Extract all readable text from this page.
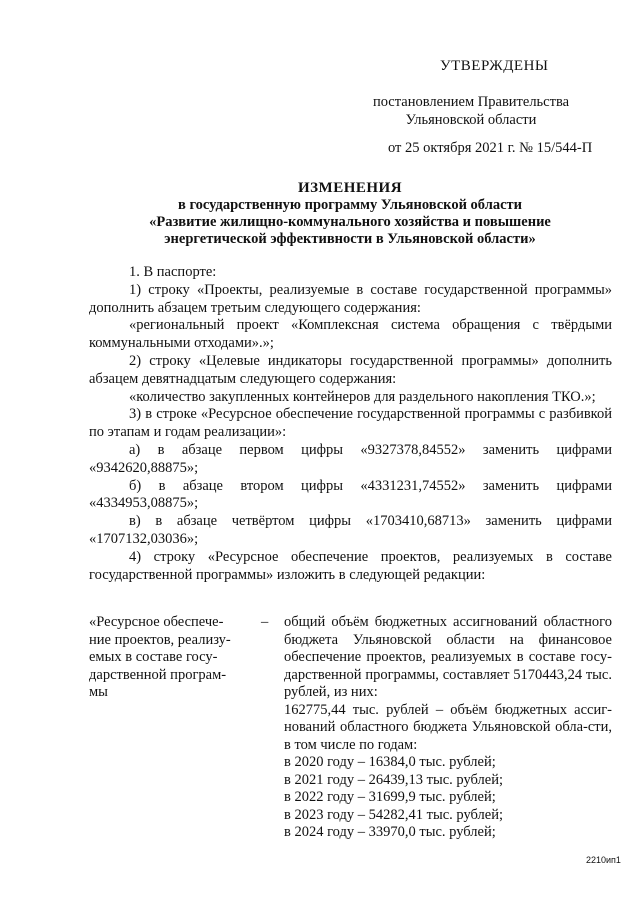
УТВЕРЖДЕНЫ
постановлением Правительства
Ульяновской области
от 25 октября 2021 г. № 15/544-П
ИЗМЕНЕНИЯ
в государственную программу Ульяновской области
«Развитие жилищно-коммунального хозяйства и повышение
энергетической эффективности в Ульяновской области»

1. В паспорте:

1) строку «Проекты, реализуемые в составе государственной программы» дополнить абзацем третьим следующего содержания:

«региональный проект «Комплексная система обращения с твёрдыми коммунальными отходами».»;

2) строку «Целевые индикаторы государственной программы» дополнить абзацем девятнадцатым следующего содержания:

«количество закупленных контейнеров для раздельного накопления ТКО.»;

3) в строке «Ресурсное обеспечение государственной программы с разбивкой по этапам и годам реализации»:

а) в абзаце первом цифры «9327378,84552» заменить цифрами «9342620,88875»;

б) в абзаце втором цифры «4331231,74552» заменить цифрами «4334953,08875»;

в) в абзаце четвёртом цифры «1703410,68713» заменить цифрами «1707132,03036»;

4) строку «Ресурсное обеспечение проектов, реализуемых в составе государственной программы» изложить в следующей редакции:

«Ресурсное обеспече-ние проектов, реализу-емых в составе госу-дарственной програм-мы
– общий объём бюджетных ассигнований областного бюджета Ульяновской области на финансовое обеспечение проектов, реализуемых в составе госу-дарственной программы, составляет 5170443,24 тыс. рублей, из них:

162775,44 тыс. рублей – объём бюджетных ассиг-нований областного бюджета Ульяновской обла-сти, в том числе по годам:

в 2020 году – 16384,0 тыс. рублей;

в 2021 году – 26439,13 тыс. рублей;

в 2022 году – 31699,9 тыс. рублей;

в 2023 году – 54282,41 тыс. рублей;

в 2024 году – 33970,0 тыс. рублей;

2210ип1
